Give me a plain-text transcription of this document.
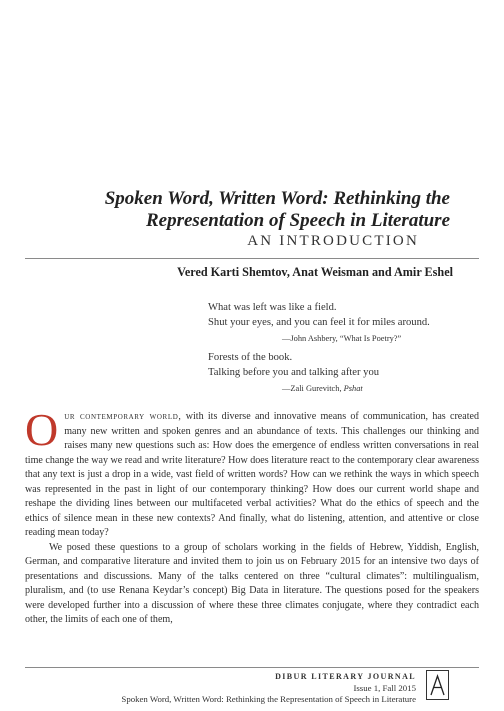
Spoken Word, Written Word: Rethinking the
Representation of Speech in Literature
AN INTRODUCTION
Vered Karti Shemtov, Anat Weisman and Amir Eshel
What was left was like a field.
Shut your eyes, and you can feel it for miles around.
—John Ashbery, “What Is Poetry?”
Forests of the book.
Talking before you and talking after you
—Zali Gurevitch, Pshat

Our contemporary world, with its diverse and innovative means of communication, has created many new written and spoken genres and an abundance of texts. This challenges our thinking and raises many new questions such as: How does the emergence of endless written conversations in real time change the way we read and write literature? How does literature react to the contemporary clear awareness that any text is just a drop in a wide, vast field of written words? How can we rethink the ways in which speech was represented in the past in light of our contemporary thinking? How does our current world shape and reshape the dividing lines between our multifaceted verbal activities? What do the ethics of speech and the ethics of silence mean in these new contexts? And finally, what do listening, attention, and attentive or close reading mean today?

We posed these questions to a group of scholars working in the fields of Hebrew, Yiddish, English, German, and comparative literature and invited them to join us on February 2015 for an intensive two days of presentations and discussions. Many of the talks centered on three “cultural climates”: multilingualism, pluralism, and (to use Renana Keydar’s concept) Big Data in literature. The questions posed for the speakers were developed further into a discussion of where these three climates conjugate, where they contradict each other, the limits of each one of them,

DIBUR LITERARY JOURNAL
Issue 1, Fall 2015
Spoken Word, Written Word: Rethinking the Representation of Speech in Literature
